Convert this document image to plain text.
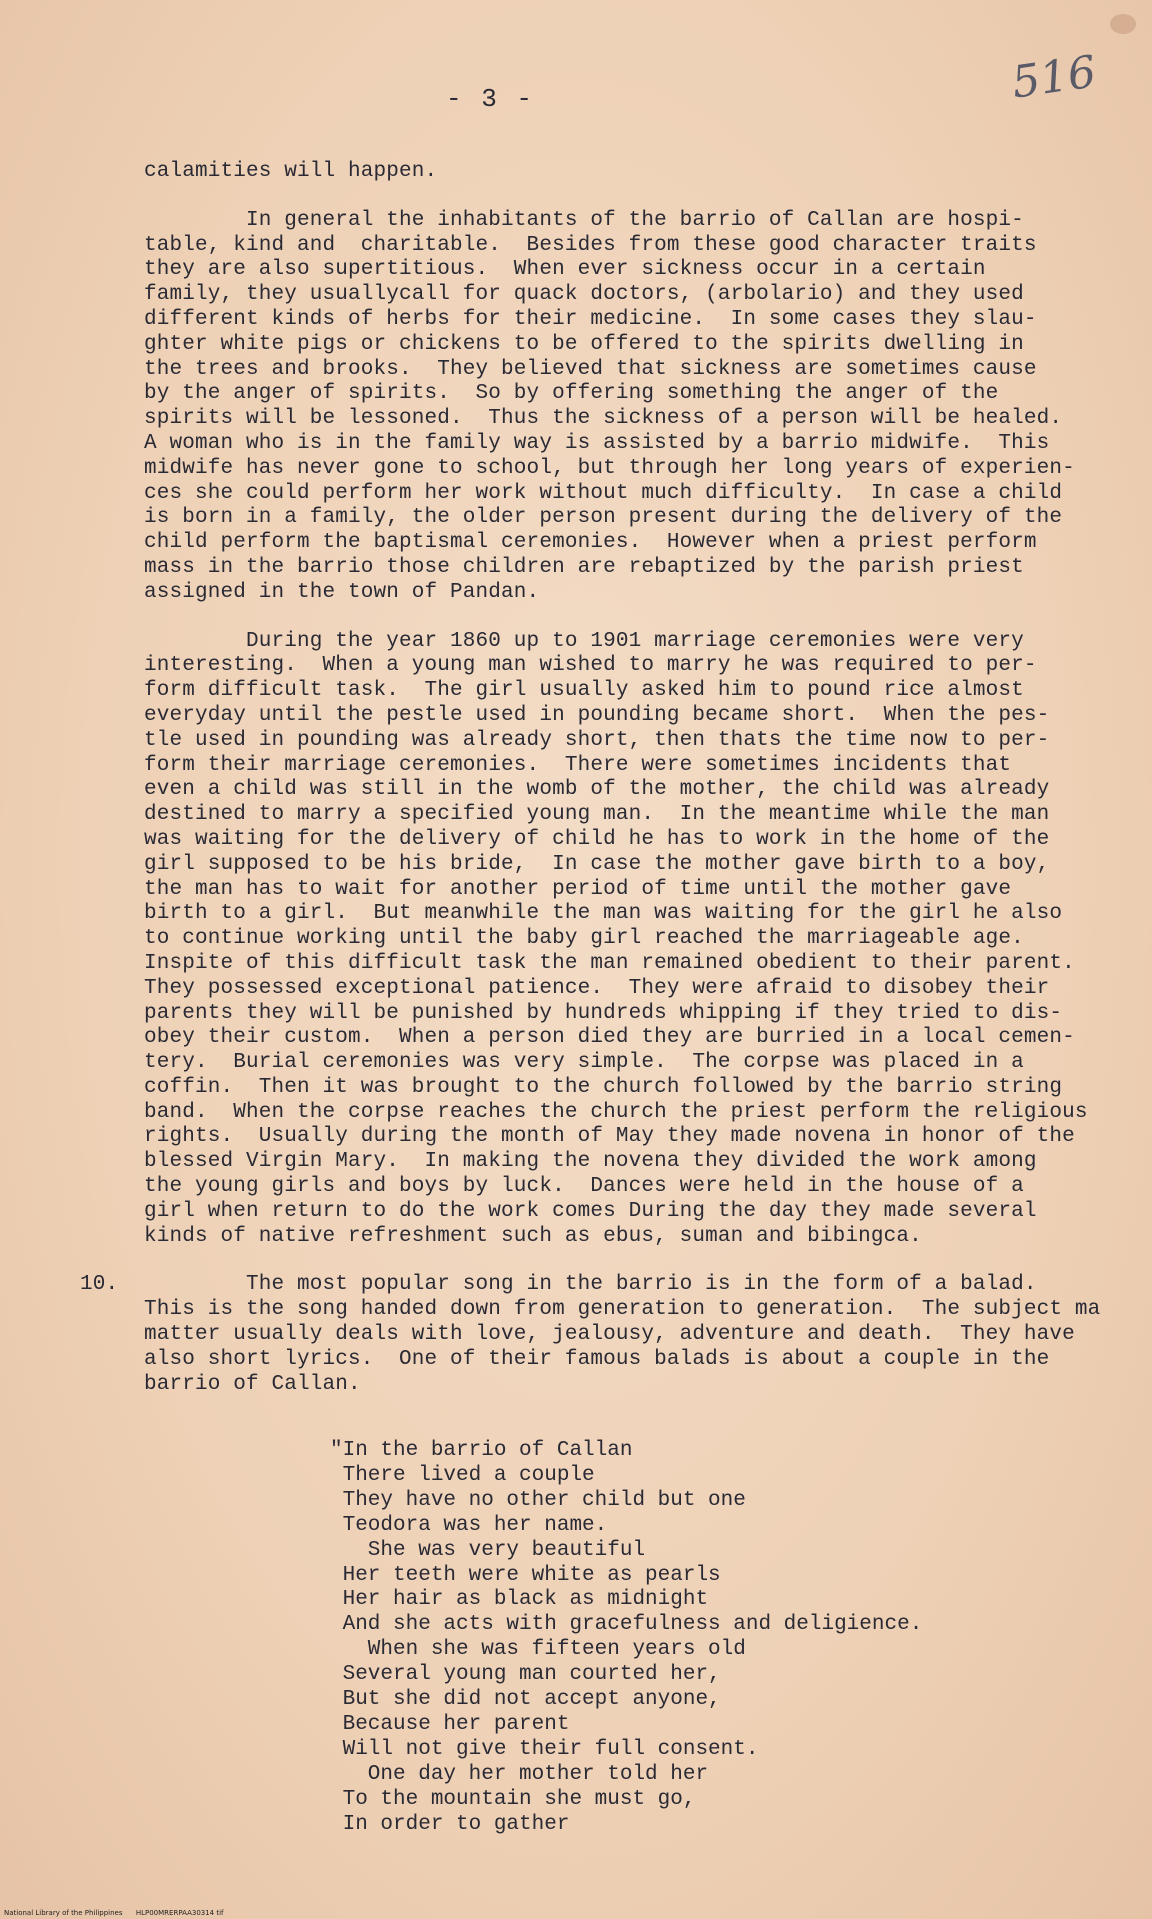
- 3 -	516

calamities will happen.

In general the inhabitants of the barrio of Callan are hospi-

table, kind and  charitable.  Besides from these good character traits

they are also supertitious.  When ever sickness occur in a certain

family, they usuallycall for quack doctors, (arbolario) and they used

different kinds of herbs for their medicine.  In some cases they slau-

ghter white pigs or chickens to be offered to the spirits dwelling in

the trees and brooks.  They believed that sickness are sometimes cause

by the anger of spirits.  So by offering something the anger of the

spirits will be lessoned.  Thus the sickness of a person will be healed.

A woman who is in the family way is assisted by a barrio midwife.  This

midwife has never gone to school, but through her long years of experien-

ces she could perform her work without much difficulty.  In case a child

is born in a family, the older person present during the delivery of the

child perform the baptismal ceremonies.  However when a priest perform

mass in the barrio those children are rebaptized by the parish priest

assigned in the town of Pandan.

During the year 1860 up to 1901 marriage ceremonies were very

interesting.  When a young man wished to marry he was required to per-

form difficult task.  The girl usually asked him to pound rice almost

everyday until the pestle used in pounding became short.  When the pes-

tle used in pounding was already short, then thats the time now to per-

form their marriage ceremonies.  There were sometimes incidents that

even a child was still in the womb of the mother, the child was already

destined to marry a specified young man.  In the meantime while the man

was waiting for the delivery of child he has to work in the home of the

girl supposed to be his bride,  In case the mother gave birth to a boy,

the man has to wait for another period of time until the mother gave

birth to a girl.  But meanwhile the man was waiting for the girl he also

to continue working until the baby girl reached the marriageable age.

Inspite of this difficult task the man remained obedient to their parent.

They possessed exceptional patience.  They were afraid to disobey their

parents they will be punished by hundreds whipping if they tried to dis-

obey their custom.  When a person died they are burried in a local cemen-

tery.  Burial ceremonies was very simple.  The corpse was placed in a

coffin.  Then it was brought to the church followed by the barrio string

band.  When the corpse reaches the church the priest perform the religious

rights.  Usually during the month of May they made novena in honor of the

blessed Virgin Mary.  In making the novena they divided the work among

the young girls and boys by luck.  Dances were held in the house of a

girl when return to do the work comes During the day they made several

kinds of native refreshment such as ebus, suman and bibingca.

10. The most popular song in the barrio is in the form of a balad.

This is the song handed down from generation to generation.  The subject ma

matter usually deals with love, jealousy, adventure and death.  They have

also short lyrics.  One of their famous balads is about a couple in the

barrio of Callan.

"In the barrio of Callan

There lived a couple

They have no other child but one

Teodora was her name.

She was very beautiful

Her teeth were white as pearls

Her hair as black as midnight

And she acts with gracefulness and deligience.

When she was fifteen years old

Several young man courted her,

But she did not accept anyone,

Because her parent

Will not give their full consent.

One day her mother told her

To the mountain she must go,

In order to gather

National Library of the Philippines      HLP00MRERPAA30314 tif
